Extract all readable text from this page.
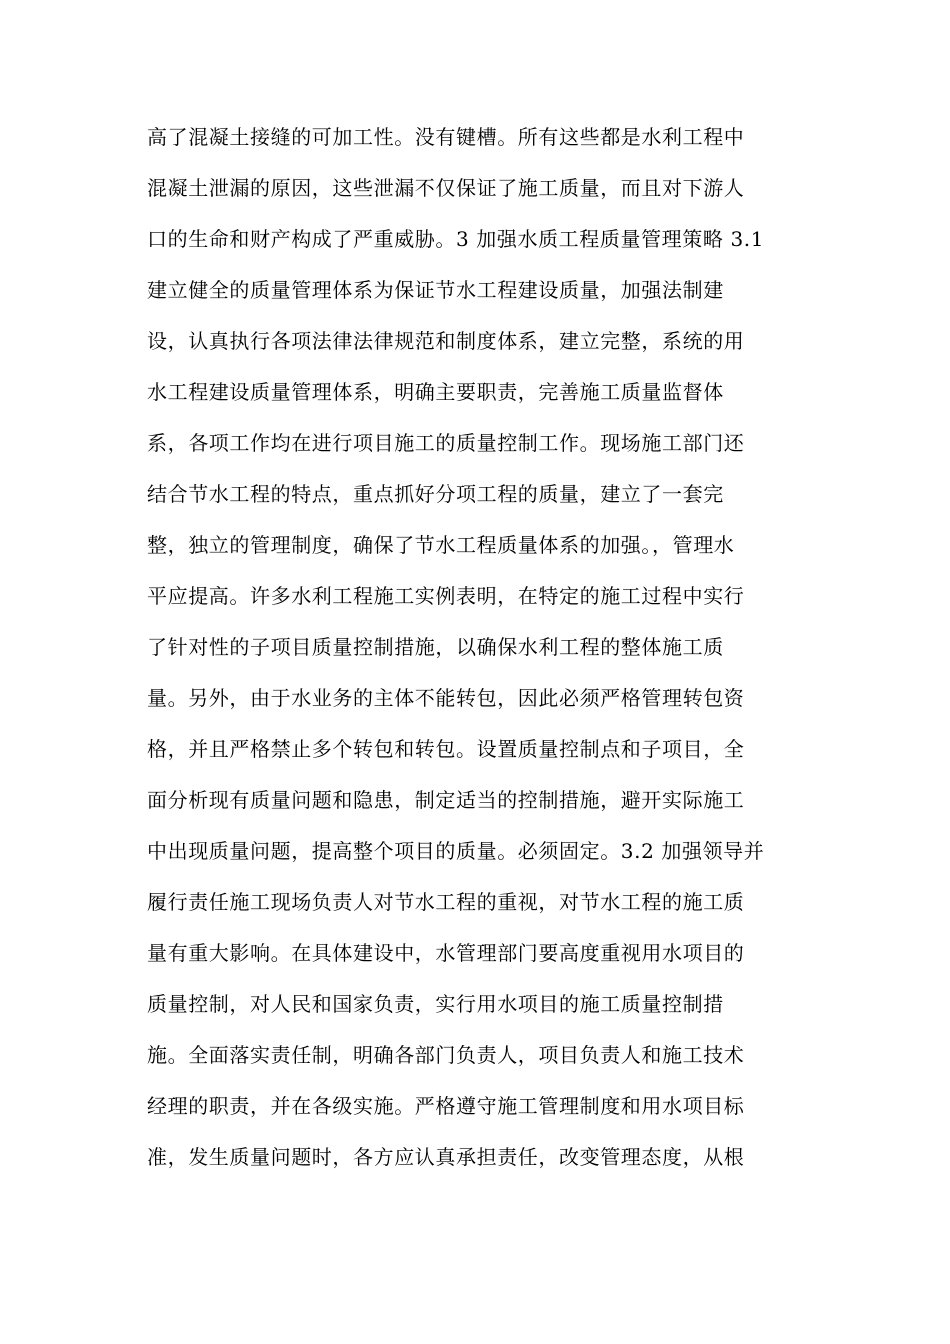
高了混凝土接缝的可加工性。没有键槽。所有这些都是水利工程中
混凝土泄漏的原因，这些泄漏不仅保证了施工质量，而且对下游人
口的生命和财产构成了严重威胁。3 加强水质工程质量管理策略 3.1
建立健全的质量管理体系为保证节水工程建设质量，加强法制建
设，认真执行各项法律法律规范和制度体系，建立完整，系统的用
水工程建设质量管理体系，明确主要职责，完善施工质量监督体
系，各项工作均在进行项目施工的质量控制工作。现场施工部门还
结合节水工程的特点，重点抓好分项工程的质量，建立了一套完
整，独立的管理制度，确保了节水工程质量体系的加强。，管理水
平应提高。许多水利工程施工实例表明，在特定的施工过程中实行
了针对性的子项目质量控制措施，以确保水利工程的整体施工质
量。另外，由于水业务的主体不能转包，因此必须严格管理转包资
格，并且严格禁止多个转包和转包。设置质量控制点和子项目，全
面分析现有质量问题和隐患，制定适当的控制措施，避开实际施工
中出现质量问题，提高整个项目的质量。必须固定。3.2 加强领导并
履行责任施工现场负责人对节水工程的重视，对节水工程的施工质
量有重大影响。在具体建设中，水管理部门要高度重视用水项目的
质量控制，对人民和国家负责，实行用水项目的施工质量控制措
施。全面落实责任制，明确各部门负责人，项目负责人和施工技术
经理的职责，并在各级实施。严格遵守施工管理制度和用水项目标
准，发生质量问题时，各方应认真承担责任，改变管理态度，从根
